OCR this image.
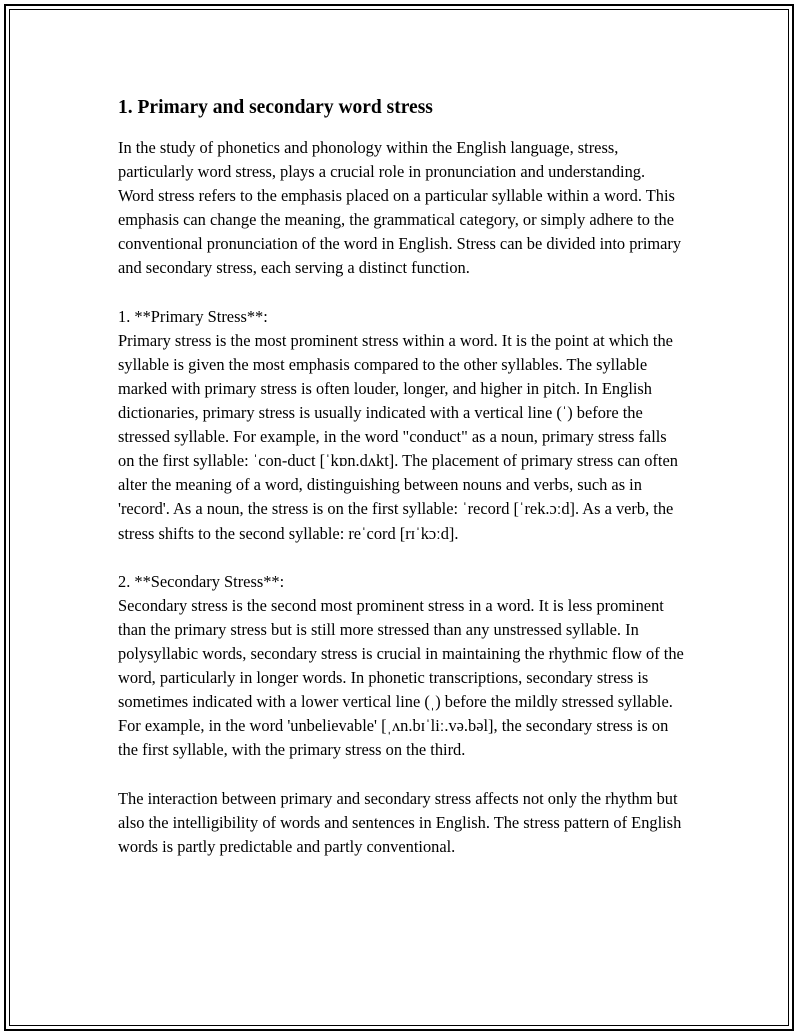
1. Primary and secondary word stress

In the study of phonetics and phonology within the English language, stress, particularly word stress, plays a crucial role in pronunciation and understanding. Word stress refers to the emphasis placed on a particular syllable within a word. This emphasis can change the meaning, the grammatical category, or simply adhere to the conventional pronunciation of the word in English. Stress can be divided into primary and secondary stress, each serving a distinct function.

1. **Primary Stress**:
Primary stress is the most prominent stress within a word. It is the point at which the syllable is given the most emphasis compared to the other syllables. The syllable marked with primary stress is often louder, longer, and higher in pitch. In English dictionaries, primary stress is usually indicated with a vertical line (ˈ) before the stressed syllable. For example, in the word "conduct" as a noun, primary stress falls on the first syllable: ˈcon-duct [ˈkɒn.dʌkt]. The placement of primary stress can often alter the meaning of a word, distinguishing between nouns and verbs, such as in 'record'. As a noun, the stress is on the first syllable: ˈrecord [ˈrek.ɔːd]. As a verb, the stress shifts to the second syllable: reˈcord [rɪˈkɔːd].

2. **Secondary Stress**:
Secondary stress is the second most prominent stress in a word. It is less prominent than the primary stress but is still more stressed than any unstressed syllable. In polysyllabic words, secondary stress is crucial in maintaining the rhythmic flow of the word, particularly in longer words. In phonetic transcriptions, secondary stress is sometimes indicated with a lower vertical line (ˌ) before the mildly stressed syllable. For example, in the word 'unbelievable' [ˌʌn.bɪˈliː.və.bəl], the secondary stress is on the first syllable, with the primary stress on the third.

The interaction between primary and secondary stress affects not only the rhythm but also the intelligibility of words and sentences in English. The stress pattern of English words is partly predictable and partly conventional.
